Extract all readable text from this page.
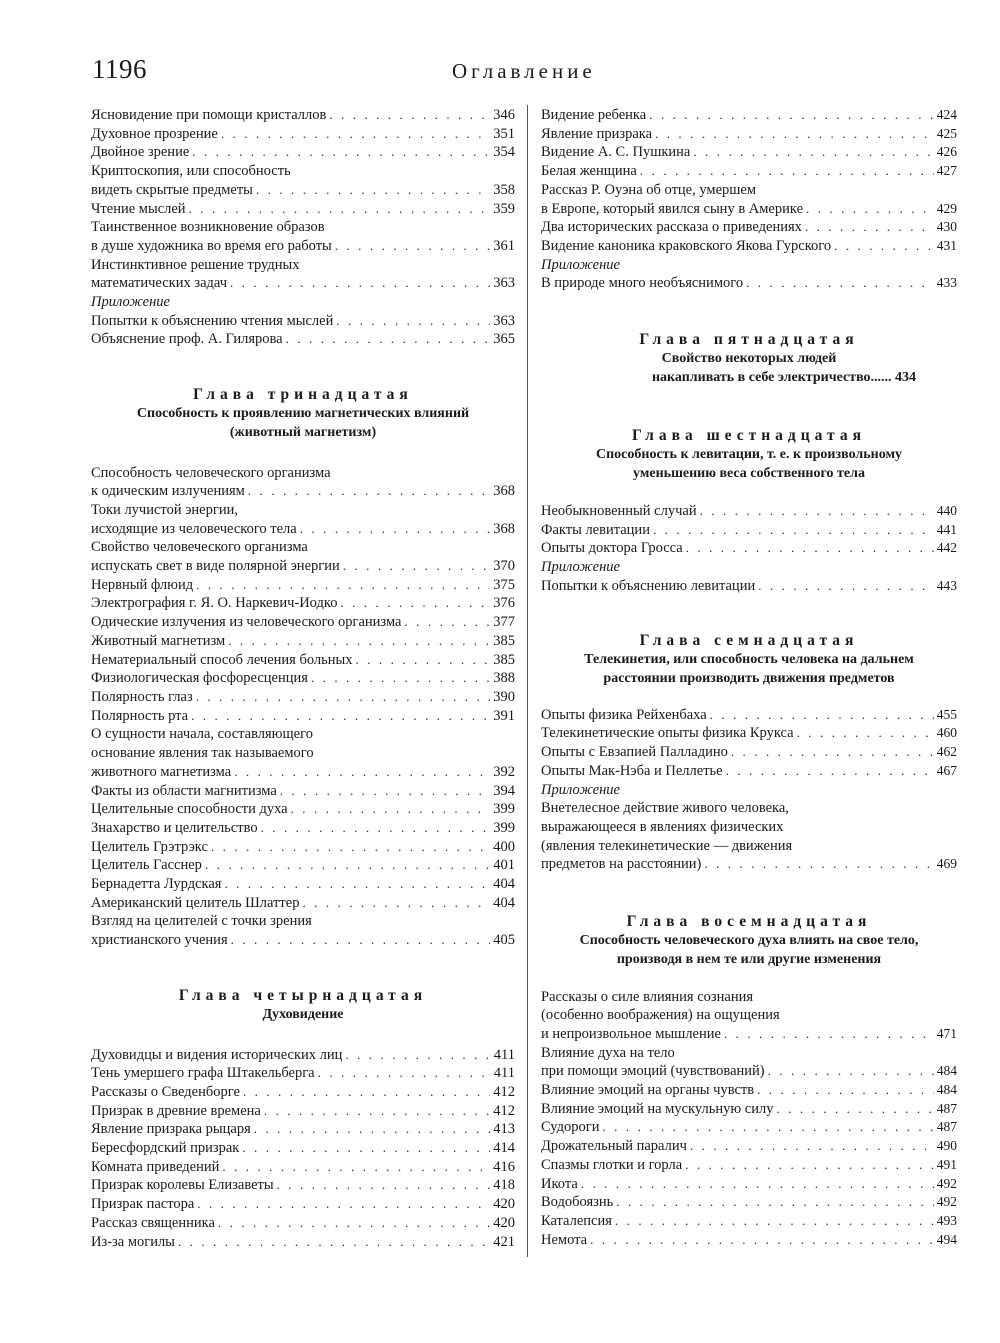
1196	Оглавление
Ясновидение при помощи кристаллов . . .	346
Духовное прозрение . . .	351
Двойное зрение . . .	354
Криптоскопия, или способность
видеть скрытые предметы . . .	358
Чтение мыслей . . .	359
Таинственное возникновение образов
в душе художника во время его работы . . .	361
Инстинктивное решение трудных
математических задач . . .	363
Приложение
Попытки к объяснению чтения мыслей . . .	363
Объяснение проф. А. Гилярова . . .	365
Глава тринадцатая
Способность к проявлению магнетических влияний
(животный магнетизм)
Способность человеческого организма
к одическим излучениям . . .	368
Токи лучистой энергии,
исходящие из человеческого тела . . .	368
Свойство человеческого организма
испускать свет в виде полярной энергии . . .	370
Нервный флюид . . .	375
Электрография г. Я. О. Наркевич-Иодко . . .	376
Одические излучения из человеческого организма . . .	377
Животный магнетизм . . .	385
Нематериальный способ лечения больных . . .	385
Физиологическая фосфоресценция . . .	388
Полярность глаз . . .	390
Полярность рта . . .	391
О сущности начала, составляющего
основание явления так называемого
животного магнетизма . . .	392
Факты из области магнитизма . . .	394
Целительные способности духа . . .	399
Знахарство и целительство . . .	399
Целитель Грэтрэкс . . .	400
Целитель Гасснер . . .	401
Бернадетта Лурдская . . .	404
Американский целитель Шлаттер . . .	404
Взгляд на целителей с точки зрения
христианского учения . . .	405
Глава четырнадцатая
Духовидение
Духовидцы и видения исторических лиц . . .	411
Тень умершего графа Штакельберга . . .	411
Рассказы о Сведенборге . . .	412
Призрак в древние времена . . .	412
Явление призрака рыцаря . . .	413
Бересфордский призрак . . .	414
Комната приведений . . .	416
Призрак королевы Елизаветы . . .	418
Призрак пастора . . .	420
Рассказ священника . . .	420
Из-за могилы . . .	421
Видение ребенка . . .	424
Явление призрака . . .	425
Видение А. С. Пушкина . . .	426
Белая женщина . . .	427
Рассказ Р. Оуэна об отце, умершем
в Европе, который явился сыну в Америке . . .	429
Два исторических рассказа о приведениях . . .	430
Видение каноника краковского Якова Гурского . . .	431
Приложение
В природе много необъяснимого . . .	433
Глава пятнадцатая
Свойство некоторых людей
накапливать в себе электричество...... 434
Глава шестнадцатая
Способность к левитации, т. е. к произвольному
уменьшению веса собственного тела
Необыкновенный случай . . .	440
Факты левитации . . .	441
Опыты доктора Гросса . . .	442
Приложение
Попытки к объяснению левитации . . .	443
Глава семнадцатая
Телекинетия, или способность человека на дальнем
расстоянии производить движения предметов
Опыты физика Рейхенбаха . . .	455
Телекинетические опыты физика Крукса . . .	460
Опыты с Евзапией Палладино . . .	462
Опыты Мак-Нэба и Пеллетье . . .	467
Приложение
Внетелесное действие живого человека,
выражающееся в явлениях физических
(явления телекинетические — движения
предметов на расстоянии) . . .	469
Глава восемнадцатая
Способность человеческого духа влиять на свое тело,
производя в нем те или другие изменения
Рассказы о силе влияния сознания
(особенно воображения) на ощущения
и непроизвольное мышление . . .	471
Влияние духа на тело
при помощи эмоций (чувствований) . . .	484
Влияние эмоций на органы чувств . . .	484
Влияние эмоций на мускульную силу . . .	487
Судороги . . .	487
Дрожательный паралич . . .	490
Спазмы глотки и горла . . .	491
Икота . . .	492
Водобоязнь . . .	492
Каталепсия . . .	493
Немота . . .	494
